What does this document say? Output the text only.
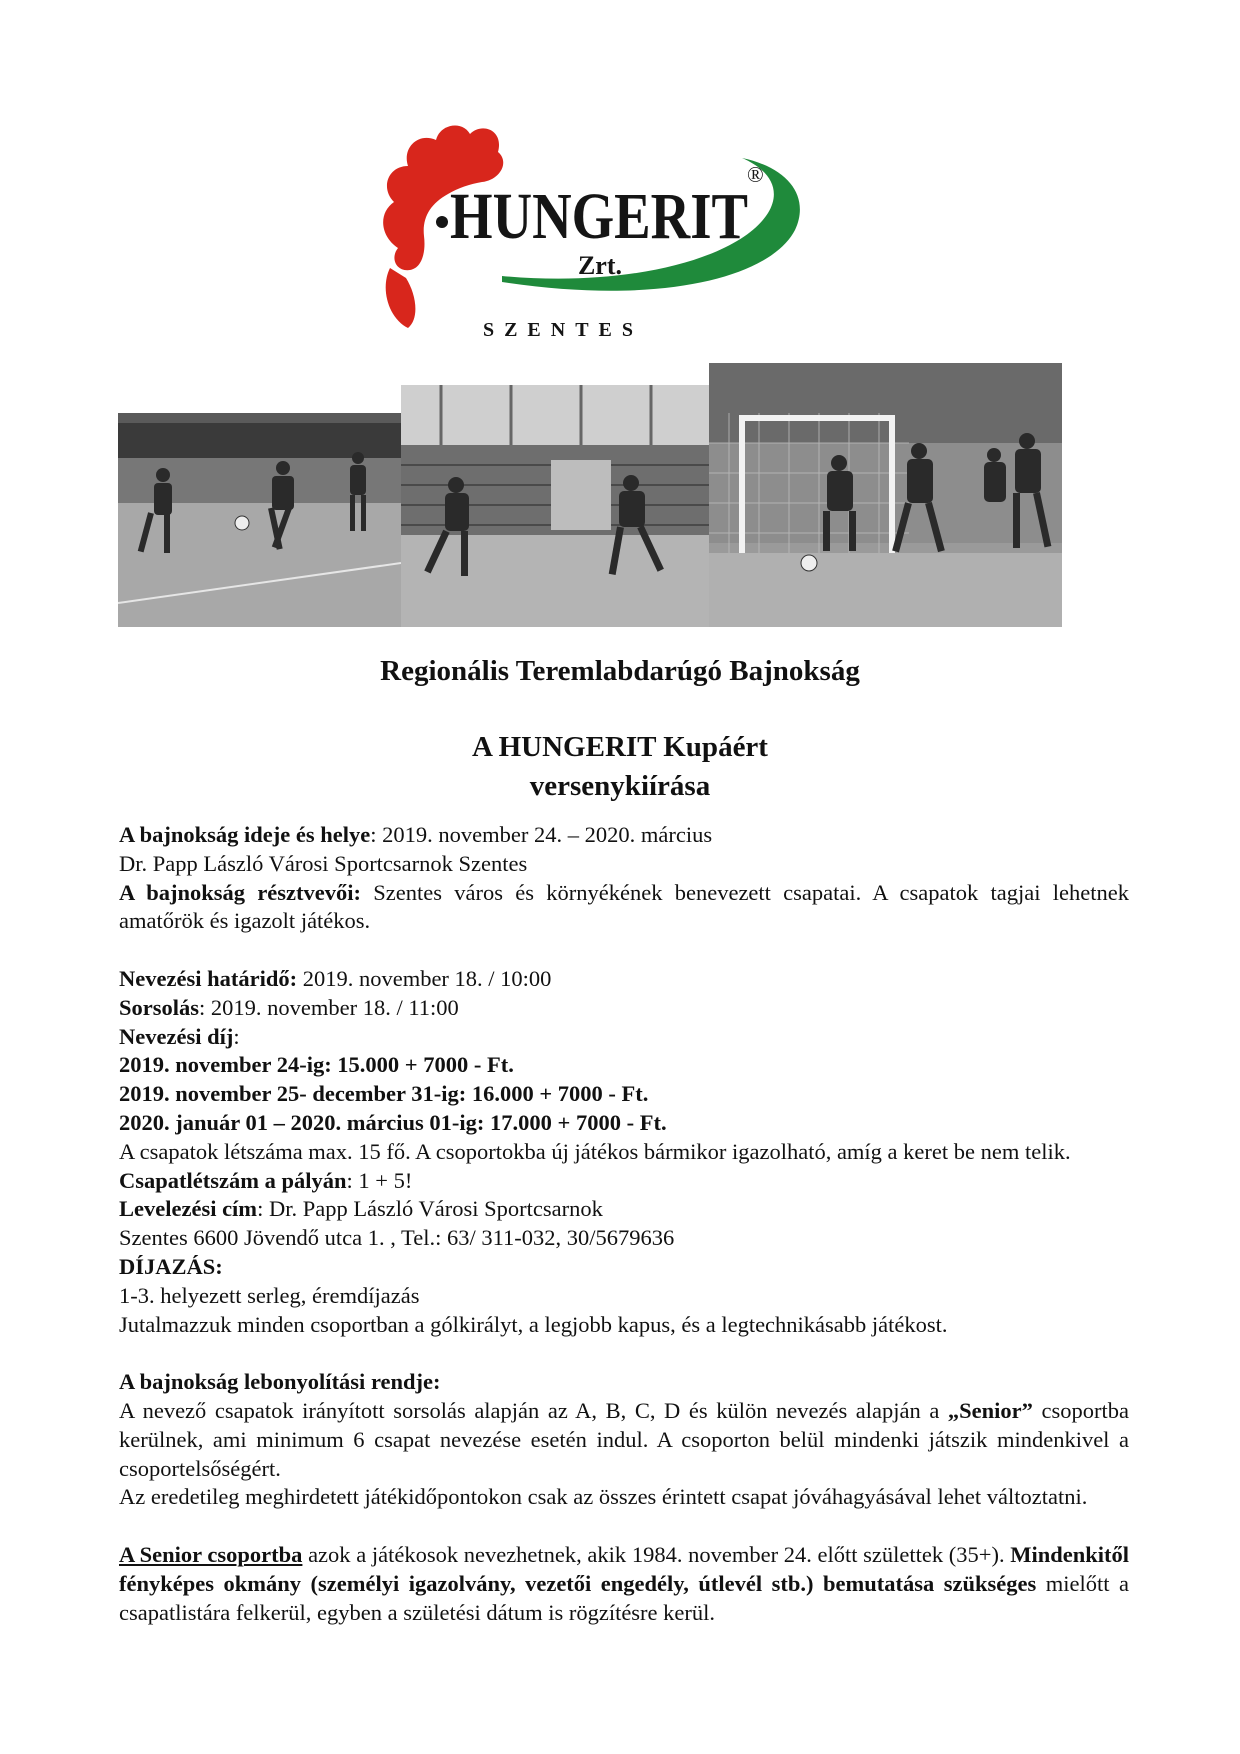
HUNGERIT
®
Zrt.
SZENTES
Regionális Teremlabdarúgó Bajnokság
A HUNGERIT Kupáért
versenykiírása

A bajnokság ideje és helye: 2019. november 24. – 2020. március

Dr. Papp László Városi Sportcsarnok Szentes

A bajnokság résztvevői: Szentes város és környékének benevezett csapatai. A csapatok tagjai lehetnek amatőrök és igazolt játékos.

Nevezési határidő: 2019. november 18. / 10:00

Sorsolás: 2019. november 18. / 11:00

Nevezési díj:

2019. november 24-ig: 15.000 + 7000 - Ft.

2019. november 25- december 31-ig: 16.000 + 7000 - Ft.

2020. január 01 – 2020. március 01-ig: 17.000 + 7000 - Ft.

A csapatok létszáma max. 15 fő. A csoportokba új játékos bármikor igazolható, amíg a keret be nem telik.

Csapatlétszám a pályán: 1 + 5!

Levelezési cím: Dr. Papp László Városi Sportcsarnok

Szentes 6600 Jövendő utca 1. , Tel.: 63/ 311-032, 30/5679636

DÍJAZÁS:

1-3. helyezett serleg, éremdíjazás

Jutalmazzuk minden csoportban a gólkirályt, a legjobb kapus, és a legtechnikásabb játékost.

A bajnokság lebonyolítási rendje:

A nevező csapatok irányított sorsolás alapján az A, B, C, D és külön nevezés alapján a „Senior” csoportba kerülnek, ami minimum 6 csapat nevezése esetén indul. A csoporton belül mindenki játszik mindenkivel a csoportelsőségért.

Az eredetileg meghirdetett játékidőpontokon csak az összes érintett csapat jóváhagyásával lehet változtatni.

A Senior csoportba azok a játékosok nevezhetnek, akik 1984. november 24. előtt születtek (35+). Mindenkitől fényképes okmány (személyi igazolvány, vezetői engedély, útlevél stb.) bemutatása szükséges mielőtt a csapatlistára felkerül, egyben a születési dátum is rögzítésre kerül.
